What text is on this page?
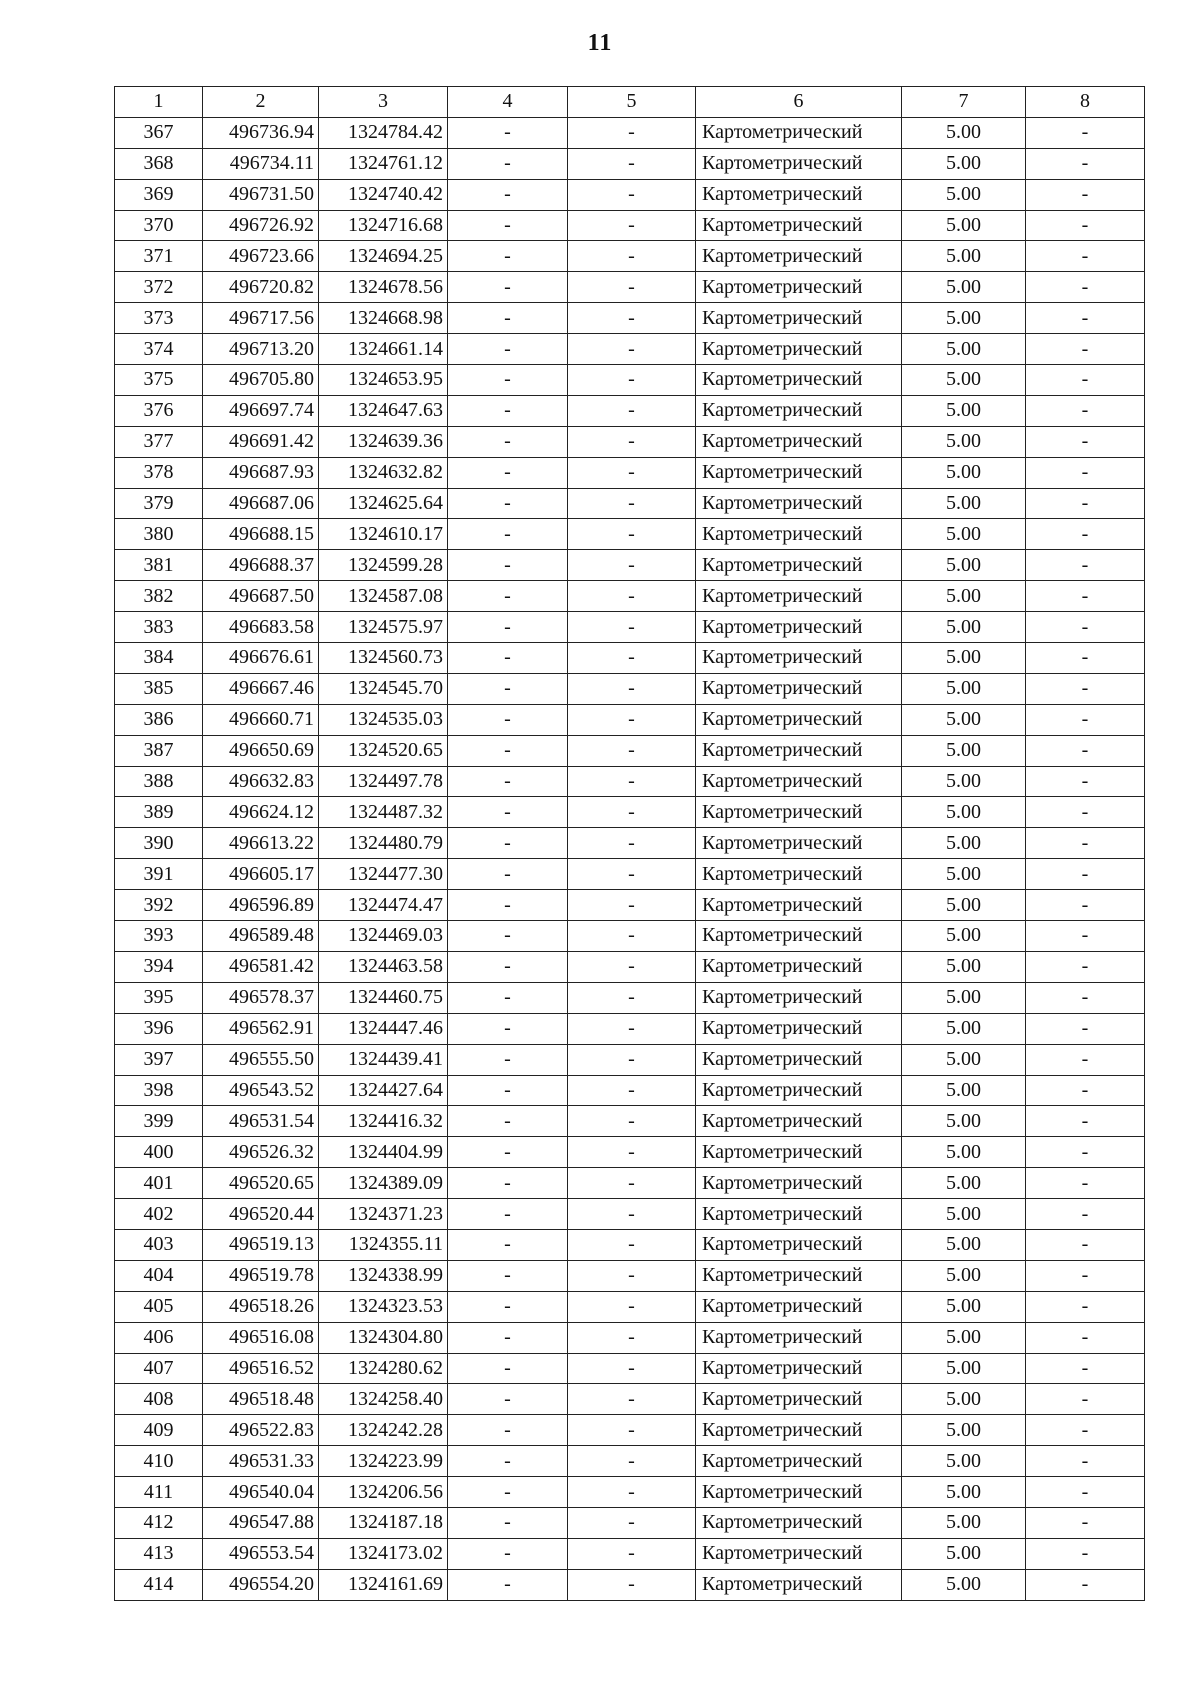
11
1	2	3	4	5	6	7	8
367	496736.94	1324784.42	-	-	Картометрический	5.00	-
368	496734.11	1324761.12	-	-	Картометрический	5.00	-
369	496731.50	1324740.42	-	-	Картометрический	5.00	-
370	496726.92	1324716.68	-	-	Картометрический	5.00	-
371	496723.66	1324694.25	-	-	Картометрический	5.00	-
372	496720.82	1324678.56	-	-	Картометрический	5.00	-
373	496717.56	1324668.98	-	-	Картометрический	5.00	-
374	496713.20	1324661.14	-	-	Картометрический	5.00	-
375	496705.80	1324653.95	-	-	Картометрический	5.00	-
376	496697.74	1324647.63	-	-	Картометрический	5.00	-
377	496691.42	1324639.36	-	-	Картометрический	5.00	-
378	496687.93	1324632.82	-	-	Картометрический	5.00	-
379	496687.06	1324625.64	-	-	Картометрический	5.00	-
380	496688.15	1324610.17	-	-	Картометрический	5.00	-
381	496688.37	1324599.28	-	-	Картометрический	5.00	-
382	496687.50	1324587.08	-	-	Картометрический	5.00	-
383	496683.58	1324575.97	-	-	Картометрический	5.00	-
384	496676.61	1324560.73	-	-	Картометрический	5.00	-
385	496667.46	1324545.70	-	-	Картометрический	5.00	-
386	496660.71	1324535.03	-	-	Картометрический	5.00	-
387	496650.69	1324520.65	-	-	Картометрический	5.00	-
388	496632.83	1324497.78	-	-	Картометрический	5.00	-
389	496624.12	1324487.32	-	-	Картометрический	5.00	-
390	496613.22	1324480.79	-	-	Картометрический	5.00	-
391	496605.17	1324477.30	-	-	Картометрический	5.00	-
392	496596.89	1324474.47	-	-	Картометрический	5.00	-
393	496589.48	1324469.03	-	-	Картометрический	5.00	-
394	496581.42	1324463.58	-	-	Картометрический	5.00	-
395	496578.37	1324460.75	-	-	Картометрический	5.00	-
396	496562.91	1324447.46	-	-	Картометрический	5.00	-
397	496555.50	1324439.41	-	-	Картометрический	5.00	-
398	496543.52	1324427.64	-	-	Картометрический	5.00	-
399	496531.54	1324416.32	-	-	Картометрический	5.00	-
400	496526.32	1324404.99	-	-	Картометрический	5.00	-
401	496520.65	1324389.09	-	-	Картометрический	5.00	-
402	496520.44	1324371.23	-	-	Картометрический	5.00	-
403	496519.13	1324355.11	-	-	Картометрический	5.00	-
404	496519.78	1324338.99	-	-	Картометрический	5.00	-
405	496518.26	1324323.53	-	-	Картометрический	5.00	-
406	496516.08	1324304.80	-	-	Картометрический	5.00	-
407	496516.52	1324280.62	-	-	Картометрический	5.00	-
408	496518.48	1324258.40	-	-	Картометрический	5.00	-
409	496522.83	1324242.28	-	-	Картометрический	5.00	-
410	496531.33	1324223.99	-	-	Картометрический	5.00	-
411	496540.04	1324206.56	-	-	Картометрический	5.00	-
412	496547.88	1324187.18	-	-	Картометрический	5.00	-
413	496553.54	1324173.02	-	-	Картометрический	5.00	-
414	496554.20	1324161.69	-	-	Картометрический	5.00	-
